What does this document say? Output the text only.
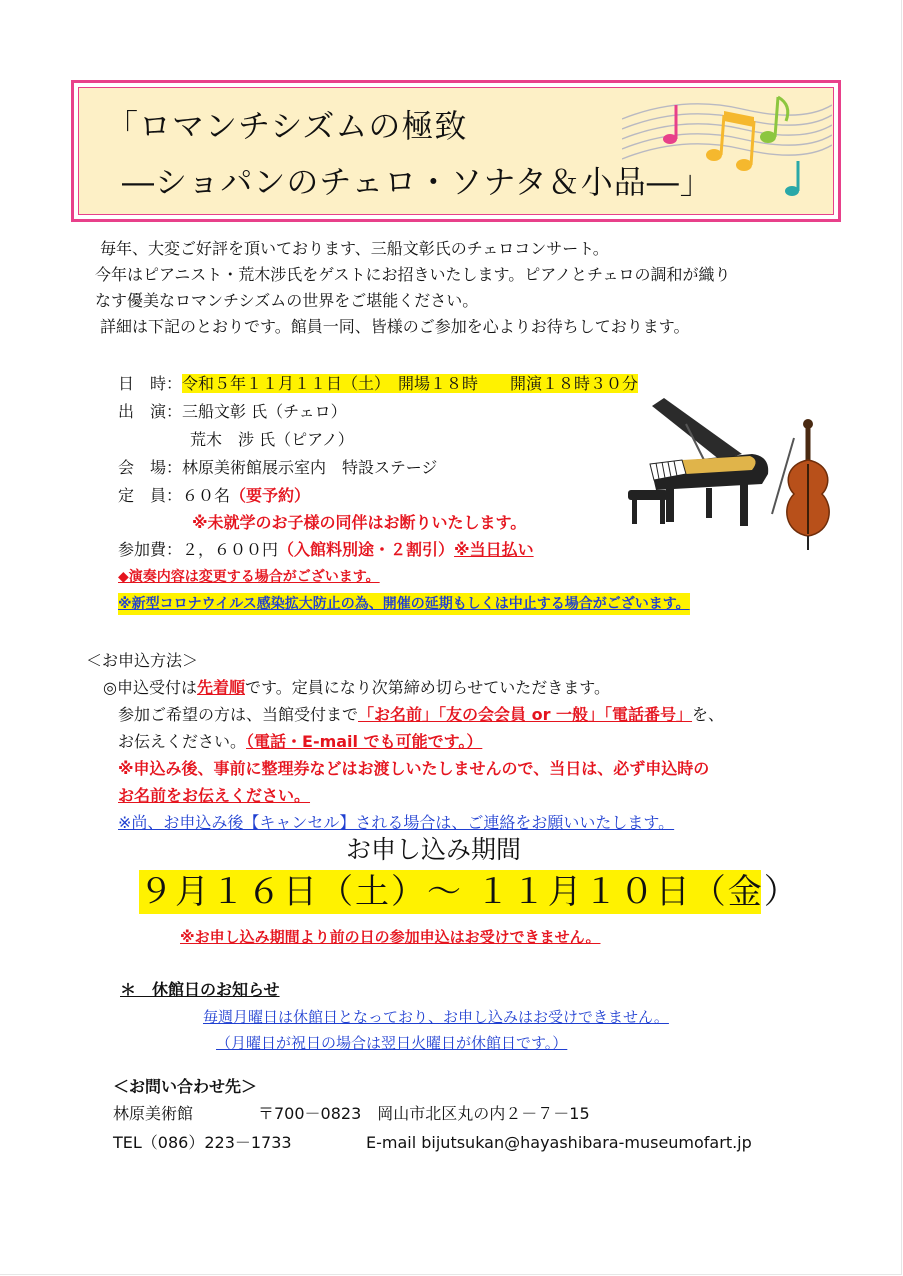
「ロマンチシズムの極致
―ショパンのチェロ・ソナタ＆小品―」
毎年、大変ご好評を頂いております、三船文彰氏のチェロコンサート。
今年はピアニスト・荒木涉氏をゲストにお招きいたします。ピアノとチェロの調和が織り
なす優美なロマンチシズムの世界をご堪能ください。
詳細は下記のとおりです。館員一同、皆様のご参加を心よりお待ちしております。
日　時：令和５年１１月１１日（土）　開場１８時　　開演１８時３０分
出　演：三船文彰 氏（チェロ）
荒木　涉 氏（ピアノ）
会　場：林原美術館展示室内　特設ステージ
定　員：６０名（要予約）
※未就学のお子様の同伴はお断りいたします。
参加費：２，６００円（入館料別途・２割引）※当日払い
◆演奏内容は変更する場合がございます。
※新型コロナウイルス感染拡大防止の為、開催の延期もしくは中止する場合がございます。
＜お申込方法＞
◎申込受付は先着順です。定員になり次第締め切らせていただきます。
参加ご希望の方は、当館受付まで「お名前」「友の会会員 or 一般」「電話番号」を、
お伝えください。（電話・E-mail でも可能です。）
※申込み後、事前に整理券などはお渡しいたしませんので、当日は、必ず申込時の
お名前をお伝えください。
※尚、お申込み後【キャンセル】される場合は、ご連絡をお願いいたします。
お申し込み期間
９月１６日（土）～ １１月１０日（金）
※お申し込み期間より前の日の参加申込はお受けできません。
＊　休館日のお知らせ
毎週月曜日は休館日となっており、お申し込みはお受けできません。
（月曜日が祝日の場合は翌日火曜日が休館日です。）
＜お問い合わせ先＞
林原美術館	〒700－0823　岡山市北区丸の内２－７－15
TEL（086）223－1733	E-mail bijutsukan@hayashibara-museumofart.jp
